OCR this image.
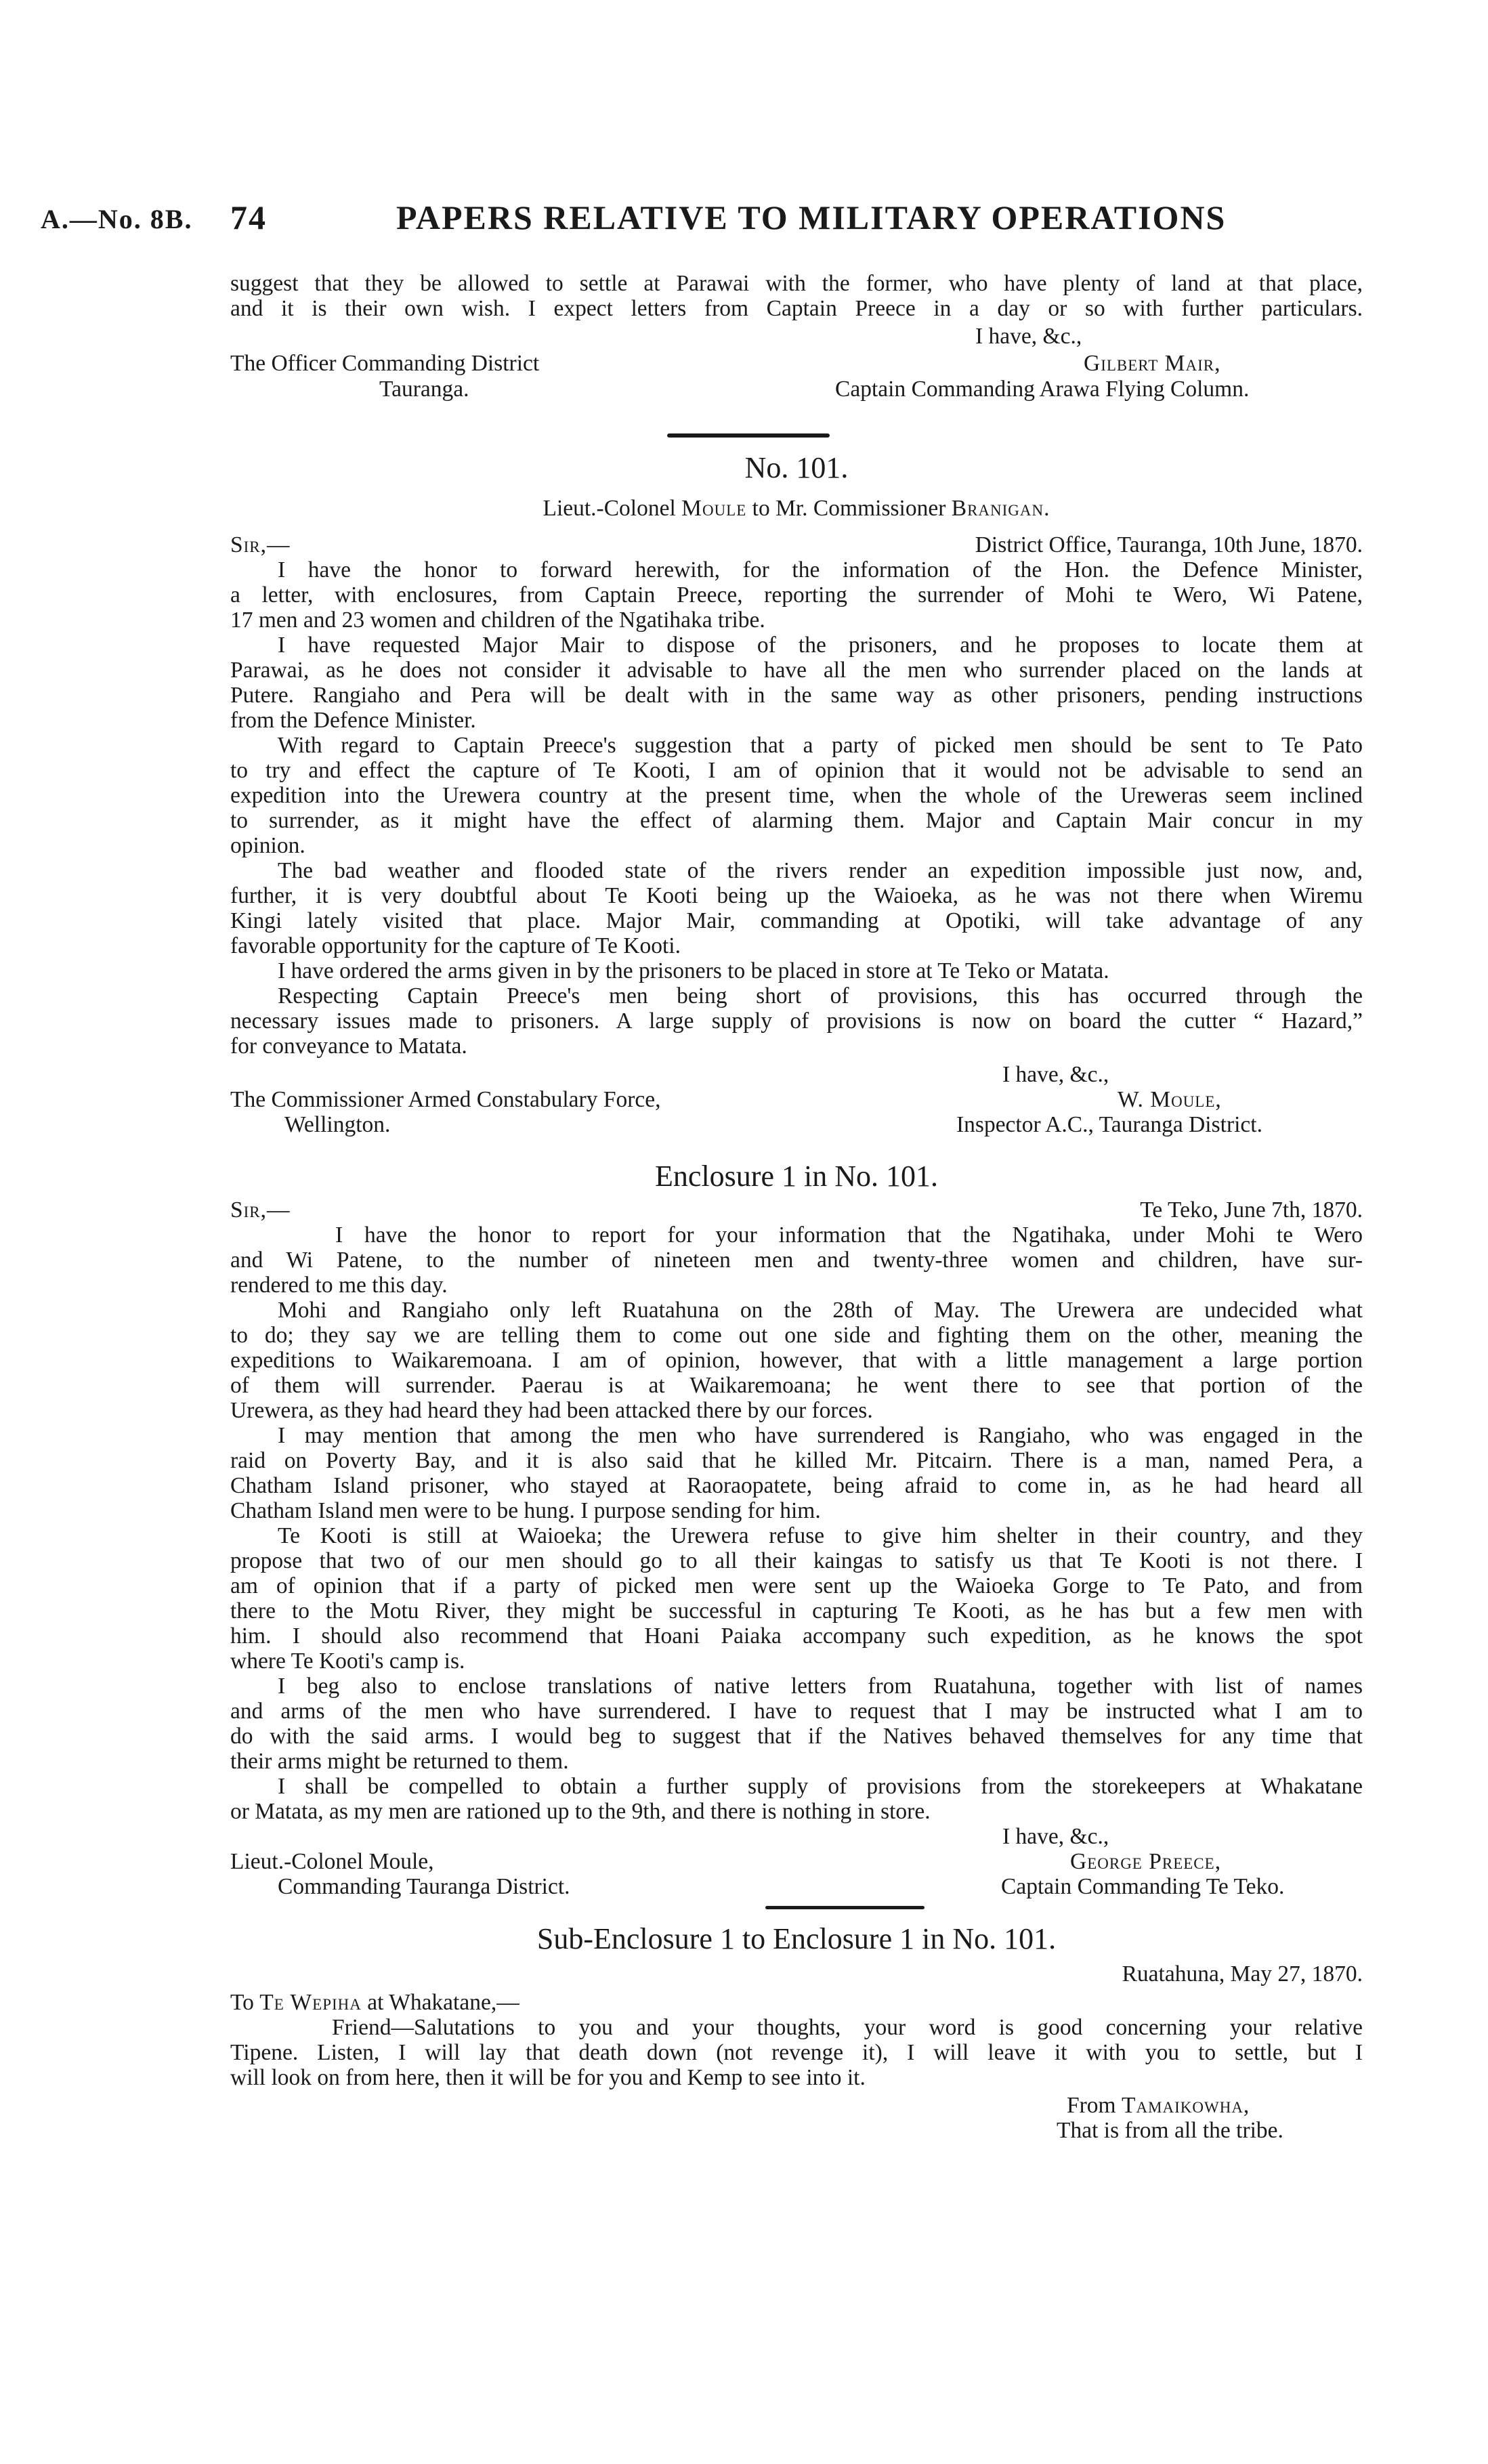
A.—No. 8B. 74	PAPERS RELATIVE TO MILITARY OPERATIONS
suggest that they be allowed to settle at Parawai with the former, who have plenty of land at that place,
and it is their own wish. I expect letters from Captain Preece in a day or so with further particulars.
I have, &c.,
The Officer Commanding District	Gilbert Mair,
Tauranga.	Captain Commanding Arawa Flying Column.
No. 101.
Lieut.-Colonel Moule to Mr. Commissioner Branigan.
Sir,—	District Office, Tauranga, 10th June, 1870.
I have the honor to forward herewith, for the information of the Hon. the Defence Minister,
a letter, with enclosures, from Captain Preece, reporting the surrender of Mohi te Wero, Wi Patene,
17 men and 23 women and children of the Ngatihaka tribe.
I have requested Major Mair to dispose of the prisoners, and he proposes to locate them at
Parawai, as he does not consider it advisable to have all the men who surrender placed on the lands at
Putere. Rangiaho and Pera will be dealt with in the same way as other prisoners, pending instructions
from the Defence Minister.
With regard to Captain Preece's suggestion that a party of picked men should be sent to Te Pato
to try and effect the capture of Te Kooti, I am of opinion that it would not be advisable to send an
expedition into the Urewera country at the present time, when the whole of the Ureweras seem inclined
to surrender, as it might have the effect of alarming them. Major and Captain Mair concur in my
opinion.
The bad weather and flooded state of the rivers render an expedition impossible just now, and,
further, it is very doubtful about Te Kooti being up the Waioeka, as he was not there when Wiremu
Kingi lately visited that place. Major Mair, commanding at Opotiki, will take advantage of any
favorable opportunity for the capture of Te Kooti.
I have ordered the arms given in by the prisoners to be placed in store at Te Teko or Matata.
Respecting Captain Preece's men being short of provisions, this has occurred through the
necessary issues made to prisoners. A large supply of provisions is now on board the cutter “ Hazard,”
for conveyance to Matata.
I have, &c.,
The Commissioner Armed Constabulary Force,	W. Moule,
Wellington.	Inspector A.C., Tauranga District.
Enclosure 1 in No. 101.
Sir,—	Te Teko, June 7th, 1870.
I have the honor to report for your information that the Ngatihaka, under Mohi te Wero
and Wi Patene, to the number of nineteen men and twenty-three women and children, have sur-
rendered to me this day.
Mohi and Rangiaho only left Ruatahuna on the 28th of May. The Urewera are undecided what
to do; they say we are telling them to come out one side and fighting them on the other, meaning the
expeditions to Waikaremoana. I am of opinion, however, that with a little management a large portion
of them will surrender. Paerau is at Waikaremoana; he went there to see that portion of the
Urewera, as they had heard they had been attacked there by our forces.
I may mention that among the men who have surrendered is Rangiaho, who was engaged in the
raid on Poverty Bay, and it is also said that he killed Mr. Pitcairn. There is a man, named Pera, a
Chatham Island prisoner, who stayed at Raoraopatete, being afraid to come in, as he had heard all
Chatham Island men were to be hung. I purpose sending for him.
Te Kooti is still at Waioeka; the Urewera refuse to give him shelter in their country, and they
propose that two of our men should go to all their kaingas to satisfy us that Te Kooti is not there. I
am of opinion that if a party of picked men were sent up the Waioeka Gorge to Te Pato, and from
there to the Motu River, they might be successful in capturing Te Kooti, as he has but a few men with
him. I should also recommend that Hoani Paiaka accompany such expedition, as he knows the spot
where Te Kooti's camp is.
I beg also to enclose translations of native letters from Ruatahuna, together with list of names
and arms of the men who have surrendered. I have to request that I may be instructed what I am to
do with the said arms. I would beg to suggest that if the Natives behaved themselves for any time that
their arms might be returned to them.
I shall be compelled to obtain a further supply of provisions from the storekeepers at Whakatane
or Matata, as my men are rationed up to the 9th, and there is nothing in store.
I have, &c.,
Lieut.-Colonel Moule,	George Preece,
Commanding Tauranga District.	Captain Commanding Te Teko.
Sub-Enclosure 1 to Enclosure 1 in No. 101.
Ruatahuna, May 27, 1870.
To Te Wepiha at Whakatane,—
Friend—Salutations to you and your thoughts, your word is good concerning your relative
Tipene. Listen, I will lay that death down (not revenge it), I will leave it with you to settle, but I
will look on from here, then it will be for you and Kemp to see into it.
From Tamaikowha,
That is from all the tribe.
